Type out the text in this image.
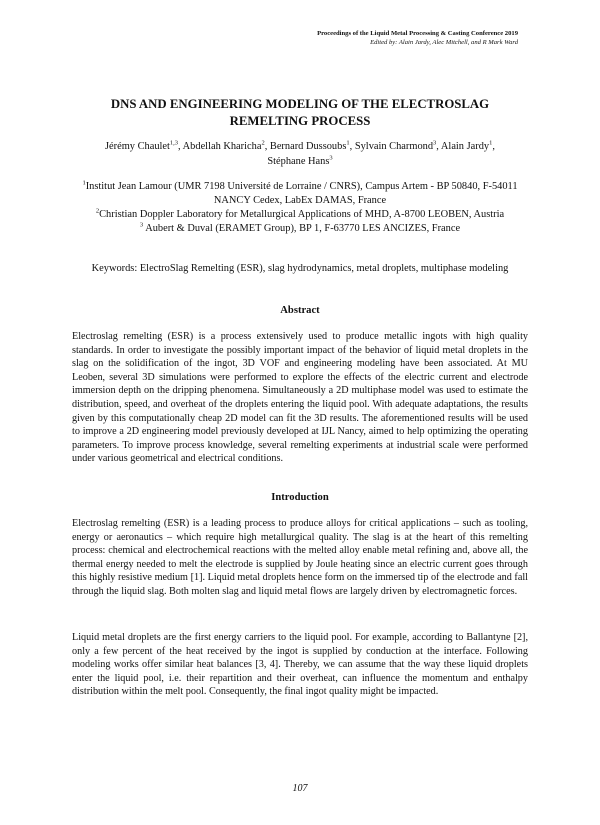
Proceedings of the Liquid Metal Processing & Casting Conference 2019
Edited by: Alain Jardy, Alec Mitchell, and R Mark Ward
DNS AND ENGINEERING MODELING OF THE ELECTROSLAG
REMELTING PROCESS
Jérémy Chaulet$^{1,3}$, Abdellah Kharicha$^2$, Bernard Dussoubs$^1$, Sylvain Charmond$^3$, Alain Jardy$^1$,
Stéphane Hans$^3$
$^1$Institut Jean Lamour (UMR 7198 Université de Lorraine / CNRS), Campus Artem - BP 50840, F-54011 NANCY Cedex, LabEx DAMAS, France
$^2$Christian Doppler Laboratory for Metallurgical Applications of MHD, A-8700 LEOBEN, Austria
$^3$ Aubert & Duval (ERAMET Group), BP 1, F-63770 LES ANCIZES, France
Keywords: ElectroSlag Remelting (ESR), slag hydrodynamics, metal droplets, multiphase modeling
Abstract

Electroslag remelting (ESR) is a process extensively used to produce metallic ingots with high quality standards. In order to investigate the possibly important impact of the behavior of liquid metal droplets in the slag on the solidification of the ingot, 3D VOF and engineering modeling have been associated. At MU Leoben, several 3D simulations were performed to explore the effects of the electric current and electrode immersion depth on the dripping phenomena. Simultaneously a 2D multiphase model was used to estimate the distribution, speed, and overheat of the droplets entering the liquid pool. With adequate adaptations, the results given by this computationally cheap 2D model can fit the 3D results. The aforementioned results will be used to improve a 2D engineering model previously developed at IJL Nancy, aimed to help optimizing the operating parameters. To improve process knowledge, several remelting experiments at industrial scale were performed under various geometrical and electrical conditions.

Introduction

Electroslag remelting (ESR) is a leading process to produce alloys for critical applications – such as tooling, energy or aeronautics – which require high metallurgical quality. The slag is at the heart of this remelting process: chemical and electrochemical reactions with the melted alloy enable metal refining and, above all, the thermal energy needed to melt the electrode is supplied by Joule heating since an electric current goes through this highly resistive medium [1]. Liquid metal droplets hence form on the immersed tip of the electrode and fall through the liquid slag. Both molten slag and liquid metal flows are largely driven by electromagnetic forces.

Liquid metal droplets are the first energy carriers to the liquid pool. For example, according to Ballantyne [2], only a few percent of the heat received by the ingot is supplied by conduction at the interface. Following modeling works offer similar heat balances [3, 4]. Thereby, we can assume that the way these liquid droplets enter the liquid pool, i.e. their repartition and their overheat, can influence the momentum and enthalpy distribution within the melt pool. Consequently, the final ingot quality might be impacted.

107
